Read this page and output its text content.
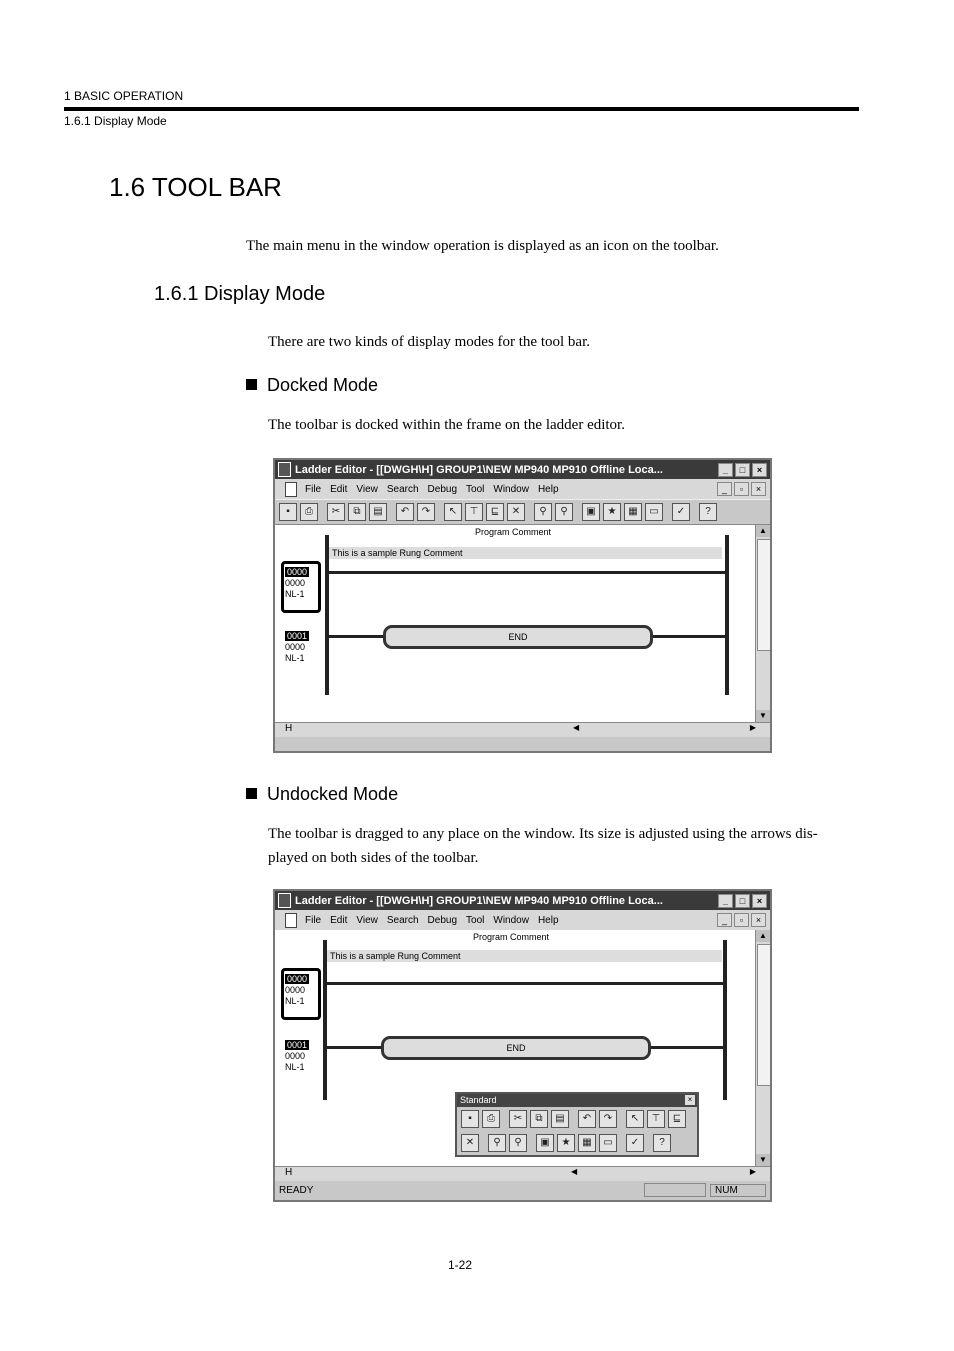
1 BASIC OPERATION
1.6.1 Display Mode
1.6 TOOL BAR
The main menu in the window operation is displayed as an icon on the toolbar.
1.6.1 Display Mode
There are two kinds of display modes for the tool bar.
Docked Mode
The toolbar is docked within the frame on the ladder editor.
Ladder Editor - [[DWGH\H] GROUP1\NEW MP940 MP910 Offline Loca...	_	□	×
File Edit View Search Debug Tool Window Help	_	▫	×
▪	⎙	✂	⧉	▤	↶	↷	↖	⊤	⊑	✕	⚲	⚲	▣	★	▦	▭	✓	?
Program Comment
This is a sample Rung Comment
0000
0000
NL-1
0001
0000
NL-1
END
▲
▼
H	◀	▶
Undocked Mode
The toolbar is dragged to any place on the window. Its size is adjusted using the arrows dis-
played on both sides of the toolbar.
Ladder Editor - [[DWGH\H] GROUP1\NEW MP940 MP910 Offline Loca...	_	□	×
File Edit View Search Debug Tool Window Help	_	▫	×
Program Comment
This is a sample Rung Comment
0000
0000
NL-1
0001
0000
NL-1
END
Standard	×
▪	⎙	✂	⧉	▤	↶	↷	↖	⊤	⊑
✕	⚲	⚲	▣	★	▦	▭	✓	?
▲
▼
H	◀	▶
READY	NUM
1-22
